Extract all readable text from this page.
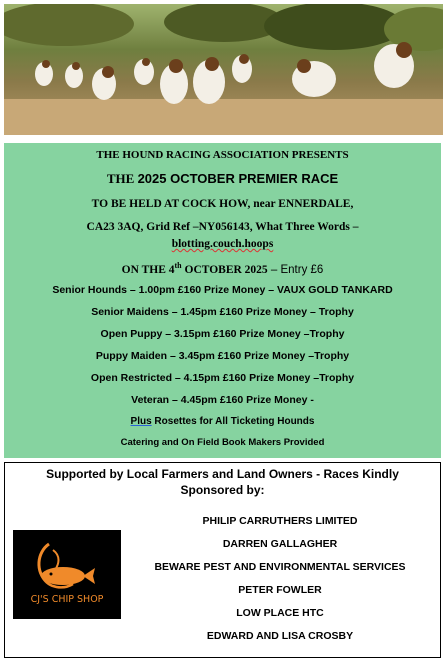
THE HOUND RACING ASSOCIATION PRESENTS
THE 2025 OCTOBER PREMIER RACE
TO BE HELD AT COCK HOW, near ENNERDALE,
CA23 3AQ, Grid Ref –NY056143, What Three Words –
blotting.couch.hoops
ON THE 4th OCTOBER 2025 – Entry £6
Senior Hounds – 1.00pm £160 Prize Money – VAUX GOLD TANKARD
Senior Maidens – 1.45pm £160 Prize Money – Trophy
Open Puppy – 3.15pm £160 Prize Money –Trophy
Puppy Maiden – 3.45pm £160 Prize Money –Trophy
Open Restricted – 4.15pm £160 Prize Money –Trophy
Veteran – 4.45pm £160 Prize Money -
Plus Rosettes for All Ticketing Hounds
Catering and On Field Book Makers Provided
Supported by Local Farmers and Land Owners - Races Kindly
Sponsored by:
CJ'S CHIP SHOP
PHILIP CARRUTHERS LIMITED
DARREN GALLAGHER
BEWARE PEST AND ENVIRONMENTAL SERVICES
PETER FOWLER
LOW PLACE HTC
EDWARD AND LISA CROSBY
